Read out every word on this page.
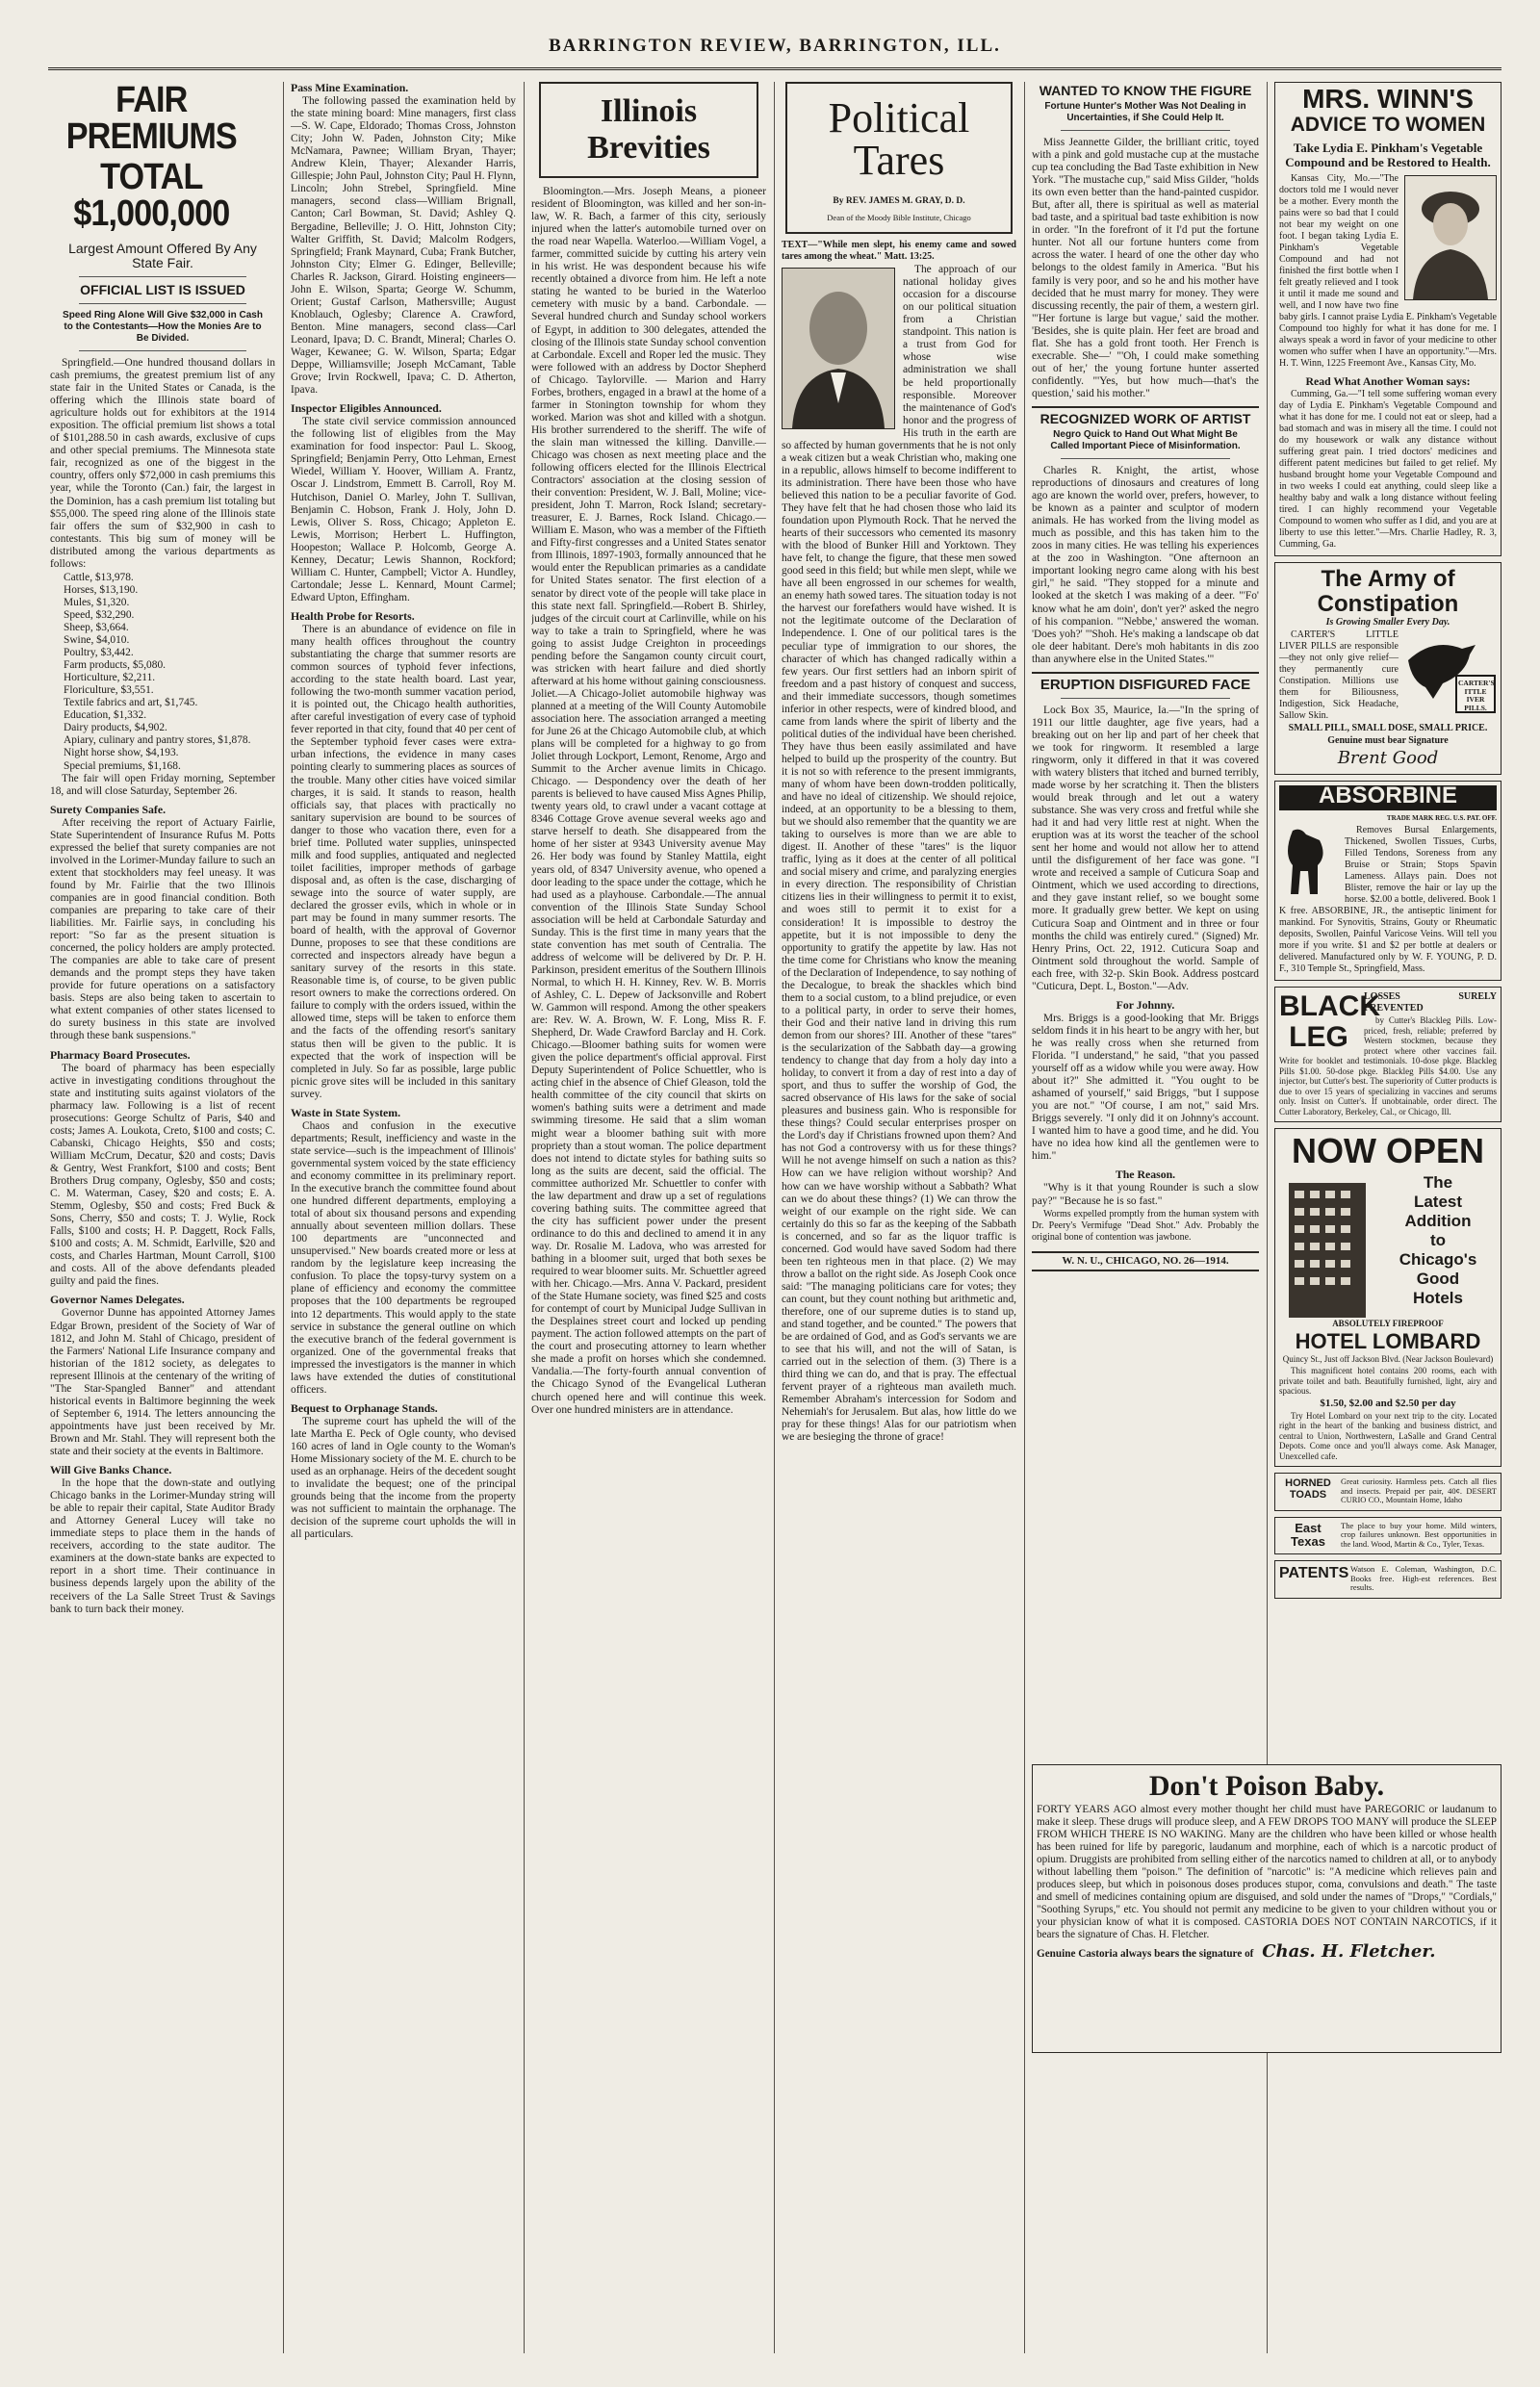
BARRINGTON REVIEW, BARRINGTON, ILL.
FAIR PREMIUMS
TOTAL $1,000,000
Largest Amount Offered By Any State Fair.
OFFICIAL LIST IS ISSUED
Speed Ring Alone Will Give $32,000 in Cash to the Contestants—How the Monies Are to Be Divided.

Springfield.—One hundred thousand dollars in cash premiums, the greatest premium list of any state fair in the United States or Canada, is the offering which the Illinois state board of agriculture holds out for exhibitors at the 1914 exposition. The official premium list shows a total of $101,288.50 in cash awards, exclusive of cups and other special premiums. The Minnesota state fair, recognized as one of the biggest in the country, offers only $72,000 in cash premiums this year, while the Toronto (Can.) fair, the largest in the Dominion, has a cash premium list totaling but $55,000. The speed ring alone of the Illinois state fair offers the sum of $32,900 in cash to contestants. This big sum of money will be distributed among the various departments as follows:

Cattle, $13,978.
Horses, $13,190.
Mules, $1,320.
Speed, $32,290.
Sheep, $3,664.
Swine, $4,010.
Poultry, $3,442.
Farm products, $5,080.
Horticulture, $2,211.
Floriculture, $3,551.
Textile fabrics and art, $1,745.
Education, $1,332.
Dairy products, $4,902.
Apiary, culinary and pantry stores, $1,878.
Night horse show, $4,193.
Special premiums, $1,168.

The fair will open Friday morning, September 18, and will close Saturday, September 26.

Surety Companies Safe.

After receiving the report of Actuary Fairlie, State Superintendent of Insurance Rufus M. Potts expressed the belief that surety companies are not involved in the Lorimer-Munday failure to such an extent that stockholders may feel uneasy. It was found by Mr. Fairlie that the two Illinois companies are in good financial condition. Both companies are preparing to take care of their liabilities. Mr. Fairlie says, in concluding his report: "So far as the present situation is concerned, the policy holders are amply protected. The companies are able to take care of present demands and the prompt steps they have taken provide for future operations on a satisfactory basis. Steps are also being taken to ascertain to what extent companies of other states licensed to do surety business in this state are involved through these bank suspensions."

Pharmacy Board Prosecutes.

The board of pharmacy has been especially active in investigating conditions throughout the state and instituting suits against violators of the pharmacy law. Following is a list of recent prosecutions: George Schultz of Paris, $40 and costs; James A. Loukota, Creto, $100 and costs; C. Cabanski, Chicago Heights, $50 and costs; William McCrum, Decatur, $20 and costs; Davis & Gentry, West Frankfort, $100 and costs; Bent Brothers Drug company, Oglesby, $50 and costs; C. M. Waterman, Casey, $20 and costs; E. A. Stemm, Oglesby, $50 and costs; Fred Buck & Sons, Cherry, $50 and costs; T. J. Wylie, Rock Falls, $100 and costs; H. P. Daggett, Rock Falls, $100 and costs; A. M. Schmidt, Earlville, $20 and costs, and Charles Hartman, Mount Carroll, $100 and costs. All of the above defendants pleaded guilty and paid the fines.

Governor Names Delegates.

Governor Dunne has appointed Attorney James Edgar Brown, president of the Society of War of 1812, and John M. Stahl of Chicago, president of the Farmers' National Life Insurance company and historian of the 1812 society, as delegates to represent Illinois at the centenary of the writing of "The Star-Spangled Banner" and attendant historical events in Baltimore beginning the week of September 6, 1914. The letters announcing the appointments have just been received by Mr. Brown and Mr. Stahl. They will represent both the state and their society at the events in Baltimore.

Will Give Banks Chance.

In the hope that the down-state and outlying Chicago banks in the Lorimer-Munday string will be able to repair their capital, State Auditor Brady and Attorney General Lucey will take no immediate steps to place them in the hands of receivers, according to the state auditor. The examiners at the down-state banks are expected to report in a short time. Their continuance in business depends largely upon the ability of the receivers of the La Salle Street Trust & Savings bank to turn back their money.

Pass Mine Examination.

The following passed the examination held by the state mining board: Mine managers, first class—S. W. Cape, Eldorado; Thomas Cross, Johnston City; John W. Paden, Johnston City; Mike McNamara, Pawnee; William Bryan, Thayer; Andrew Klein, Thayer; Alexander Harris, Gillespie; John Paul, Johnston City; Paul H. Flynn, Lincoln; John Strebel, Springfield. Mine managers, second class—William Brignall, Canton; Carl Bowman, St. David; Ashley Q. Bergadine, Belleville; J. O. Hitt, Johnston City; Walter Griffith, St. David; Malcolm Rodgers, Springfield; Frank Maynard, Cuba; Frank Butcher, Johnston City; Elmer G. Edinger, Belleville; Charles R. Jackson, Girard. Hoisting engineers—John E. Wilson, Sparta; George W. Schumm, Orient; Gustaf Carlson, Mathersville; August Knoblauch, Oglesby; Clarence A. Crawford, Benton. Mine managers, second class—Carl Leonard, Ipava; D. C. Brandt, Mineral; Charles O. Wager, Kewanee; G. W. Wilson, Sparta; Edgar Deppe, Williamsville; Joseph McCamant, Table Grove; Irvin Rockwell, Ipava; C. D. Atherton, Ipava.

Inspector Eligibles Announced.

The state civil service commission announced the following list of eligibles from the May examination for food inspector: Paul L. Skoog, Springfield; Benjamin Perry, Otto Lehman, Ernest Wiedel, William Y. Hoover, William A. Frantz, Oscar J. Lindstrom, Emmett B. Carroll, Roy M. Hutchison, Daniel O. Marley, John T. Sullivan, Benjamin C. Hobson, Frank J. Holy, John D. Lewis, Oliver S. Ross, Chicago; Appleton E. Lewis, Morrison; Herbert L. Huffington, Hoopeston; Wallace P. Holcomb, George A. Kenney, Decatur; Lewis Shannon, Rockford; William C. Hunter, Campbell; Victor A. Hundley, Cartondale; Jesse L. Kennard, Mount Carmel; Edward Upton, Effingham.

Health Probe for Resorts.

There is an abundance of evidence on file in many health offices throughout the country substantiating the charge that summer resorts are common sources of typhoid fever infections, according to the state health board. Last year, following the two-month summer vacation period, it is pointed out, the Chicago health authorities, after careful investigation of every case of typhoid fever reported in that city, found that 40 per cent of the September typhoid fever cases were extra-urban infections, the evidence in many cases pointing clearly to summering places as sources of the trouble. Many other cities have voiced similar charges, it is said. It stands to reason, health officials say, that places with practically no sanitary supervision are bound to be sources of danger to those who vacation there, even for a brief time. Polluted water supplies, uninspected milk and food supplies, antiquated and neglected toilet facilities, improper methods of garbage disposal and, as often is the case, discharging of sewage into the source of water supply, are declared the grosser evils, which in whole or in part may be found in many summer resorts. The board of health, with the approval of Governor Dunne, proposes to see that these conditions are corrected and inspectors already have begun a sanitary survey of the resorts in this state. Reasonable time is, of course, to be given public resort owners to make the corrections ordered. On failure to comply with the orders issued, within the allowed time, steps will be taken to enforce them and the facts of the offending resort's sanitary status then will be given to the public. It is expected that the work of inspection will be completed in July. So far as possible, large public picnic grove sites will be included in this sanitary survey.

Waste in State System.

Chaos and confusion in the executive departments; Result, inefficiency and waste in the state service—such is the impeachment of Illinois' governmental system voiced by the state efficiency and economy committee in its preliminary report. In the executive branch the committee found about one hundred different departments, employing a total of about six thousand persons and expending annually about seventeen million dollars. These 100 departments are "unconnected and unsupervised." New boards created more or less at random by the legislature keep increasing the confusion. To place the topsy-turvy system on a plane of efficiency and economy the committee proposes that the 100 departments be regrouped into 12 departments. This would apply to the state service in substance the general outline on which the executive branch of the federal government is organized. One of the governmental freaks that impressed the investigators is the manner in which laws have extended the duties of constitutional officers.

Bequest to Orphanage Stands.

The supreme court has upheld the will of the late Martha E. Peck of Ogle county, who devised 160 acres of land in Ogle county to the Woman's Home Missionary society of the M. E. church to be used as an orphanage. Heirs of the decedent sought to invalidate the bequest; one of the principal grounds being that the income from the property was not sufficient to maintain the orphanage. The decision of the supreme court upholds the will in all particulars.

Illinois
Brevities

Bloomington.—Mrs. Joseph Means, a pioneer resident of Bloomington, was killed and her son-in-law, W. R. Bach, a farmer of this city, seriously injured when the latter's automobile turned over on the road near Wapella. Waterloo.—William Vogel, a farmer, committed suicide by cutting his artery vein in his wrist. He was despondent because his wife recently obtained a divorce from him. He left a note stating he wanted to be buried in the Waterloo cemetery with music by a band. Carbondale. — Several hundred church and Sunday school workers of Egypt, in addition to 300 delegates, attended the closing of the Illinois state Sunday school convention at Carbondale. Excell and Roper led the music. They were followed with an address by Doctor Shepherd of Chicago. Taylorville. — Marion and Harry Forbes, brothers, engaged in a brawl at the home of a farmer in Stonington township for whom they worked. Marion was shot and killed with a shotgun. His brother surrendered to the sheriff. The wife of the slain man witnessed the killing. Danville.—Chicago was chosen as next meeting place and the following officers elected for the Illinois Electrical Contractors' association at the closing session of their convention: President, W. J. Ball, Moline; vice-president, John T. Marron, Rock Island; secretary-treasurer, E. J. Barnes, Rock Island. Chicago.—William E. Mason, who was a member of the Fiftieth and Fifty-first congresses and a United States senator from Illinois, 1897-1903, formally announced that he would enter the Republican primaries as a candidate for United States senator. The first election of a senator by direct vote of the people will take place in this state next fall. Springfield.—Robert B. Shirley, judges of the circuit court at Carlinville, while on his way to take a train to Springfield, where he was going to assist Judge Creighton in proceedings pending before the Sangamon county circuit court, was stricken with heart failure and died shortly afterward at his home without gaining consciousness. Joliet.—A Chicago-Joliet automobile highway was planned at a meeting of the Will County Automobile association here. The association arranged a meeting for June 26 at the Chicago Automobile club, at which plans will be completed for a highway to go from Joliet through Lockport, Lemont, Renome, Argo and Summit to the Archer avenue limits in Chicago. Chicago. — Despondency over the death of her parents is believed to have caused Miss Agnes Philip, twenty years old, to crawl under a vacant cottage at 8346 Cottage Grove avenue several weeks ago and starve herself to death. She disappeared from the home of her sister at 9343 University avenue May 26. Her body was found by Stanley Mattila, eight years old, of 8347 University avenue, who opened a door leading to the space under the cottage, which he had used as a playhouse. Carbondale.—The annual convention of the Illinois State Sunday School association will be held at Carbondale Saturday and Sunday. This is the first time in many years that the state convention has met south of Centralia. The address of welcome will be delivered by Dr. P. H. Parkinson, president emeritus of the Southern Illinois Normal, to which H. H. Kinney, Rev. W. B. Morris of Ashley, C. L. Depew of Jacksonville and Robert W. Gammon will respond. Among the other speakers are: Rev. W. A. Brown, W. F. Long, Miss R. F. Shepherd, Dr. Wade Crawford Barclay and H. Cork. Chicago.—Bloomer bathing suits for women were given the police department's official approval. First Deputy Superintendent of Police Schuettler, who is acting chief in the absence of Chief Gleason, told the health committee of the city council that skirts on women's bathing suits were a detriment and made swimming tiresome. He said that a slim woman might wear a bloomer bathing suit with more propriety than a stout woman. The police department does not intend to dictate styles for bathing suits so long as the suits are decent, said the official. The committee authorized Mr. Schuettler to confer with the law department and draw up a set of regulations covering bathing suits. The committee agreed that the city has sufficient power under the present ordinance to do this and declined to amend it in any way. Dr. Rosalie M. Ladova, who was arrested for bathing in a bloomer suit, urged that both sexes be required to wear bloomer suits. Mr. Schuettler agreed with her. Chicago.—Mrs. Anna V. Packard, president of the State Humane society, was fined $25 and costs for contempt of court by Municipal Judge Sullivan in the Desplaines street court and locked up pending payment. The action followed attempts on the part of the court and prosecuting attorney to learn whether she made a profit on horses which she condemned. Vandalia.—The forty-fourth annual convention of the Chicago Synod of the Evangelical Lutheran church opened here and will continue this week. Over one hundred ministers are in attendance.

Political
Tares
By REV. JAMES M. GRAY, D. D.
Dean of the Moody Bible Institute, Chicago

TEXT—"While men slept, his enemy came and sowed tares among the wheat." Matt. 13:25.

The approach of our national holiday gives occasion for a discourse on our political situation from a Christian standpoint. This nation is a trust from God for whose wise administration we shall be held proportionally responsible. Moreover the maintenance of God's honor and the progress of His truth in the earth are so affected by human governments that he is not only a weak citizen but a weak Christian who, making one in a republic, allows himself to become indifferent to its administration. There have been those who have believed this nation to be a peculiar favorite of God. They have felt that he had chosen those who laid its foundation upon Plymouth Rock. That he nerved the hearts of their successors who cemented its masonry with the blood of Bunker Hill and Yorktown. They have felt, to change the figure, that these men sowed good seed in this field; but while men slept, while we have all been engrossed in our schemes for wealth, an enemy hath sowed tares. The situation today is not the harvest our forefathers would have wished. It is not the legitimate outcome of the Declaration of Independence. I. One of our political tares is the peculiar type of immigration to our shores, the character of which has changed radically within a few years. Our first settlers had an inborn spirit of freedom and a past history of conquest and success, and their immediate successors, though sometimes inferior in other respects, were of kindred blood, and came from lands where the spirit of liberty and the political duties of the individual have been cherished. They have thus been easily assimilated and have helped to build up the prosperity of the country. But it is not so with reference to the present immigrants, many of whom have been down-trodden politically, and have no ideal of citizenship. We should rejoice, indeed, at an opportunity to be a blessing to them, but we should also remember that the quantity we are taking to ourselves is more than we are able to digest. II. Another of these "tares" is the liquor traffic, lying as it does at the center of all political and social misery and crime, and paralyzing energies in every direction. The responsibility of Christian citizens lies in their willingness to permit it to exist, and woes still to permit it to exist for a consideration! It is impossible to destroy the appetite, but it is not impossible to deny the opportunity to gratify the appetite by law. Has not the time come for Christians who know the meaning of the Declaration of Independence, to say nothing of the Decalogue, to break the shackles which bind them to a social custom, to a blind prejudice, or even to a political party, in order to serve their homes, their God and their native land in driving this rum demon from our shores? III. Another of these "tares" is the secularization of the Sabbath day—a growing tendency to change that day from a holy day into a holiday, to convert it from a day of rest into a day of sport, and thus to suffer the worship of God, the sacred observance of His laws for the sake of social pleasures and business gain. Who is responsible for these things? Could secular enterprises prosper on the Lord's day if Christians frowned upon them? And has not God a controversy with us for these things? Will he not avenge himself on such a nation as this? How can we have religion without worship? And how can we have worship without a Sabbath? What can we do about these things? (1) We can throw the weight of our example on the right side. We can certainly do this so far as the keeping of the Sabbath is concerned, and so far as the liquor traffic is concerned. God would have saved Sodom had there been ten righteous men in that place. (2) We may throw a ballot on the right side. As Joseph Cook once said: "The managing politicians care for votes; they can count, but they count nothing but arithmetic and, therefore, one of our supreme duties is to stand up, and stand together, and be counted." The powers that be are ordained of God, and as God's servants we are to see that his will, and not the will of Satan, is carried out in the selection of them. (3) There is a third thing we can do, and that is pray. The effectual fervent prayer of a righteous man availeth much. Remember Abraham's intercession for Sodom and Nehemiah's for Jerusalem. But alas, how little do we pray for these things! Alas for our patriotism when we are besieging the throne of grace!

WANTED TO KNOW THE FIGURE
Fortune Hunter's Mother Was Not Dealing in Uncertainties, if She Could Help It.

Miss Jeannette Gilder, the brilliant critic, toyed with a pink and gold mustache cup at the mustache cup tea concluding the Bad Taste exhibition in New York. "The mustache cup," said Miss Gilder, "holds its own even better than the hand-painted cuspidor. But, after all, there is spiritual as well as material bad taste, and a spiritual bad taste exhibition is now in order. "In the forefront of it I'd put the fortune hunter. Not all our fortune hunters come from across the water. I heard of one the other day who belongs to the oldest family in America. "But his family is very poor, and so he and his mother have decided that he must marry for money. They were discussing recently, the pair of them, a western girl. "'Her fortune is large but vague,' said the mother. 'Besides, she is quite plain. Her feet are broad and flat. She has a gold front tooth. Her French is execrable. She—' "'Oh, I could make something out of her,' the young fortune hunter asserted confidently. "'Yes, but how much—that's the question,' said his mother."

RECOGNIZED WORK OF ARTIST
Negro Quick to Hand Out What Might Be Called Important Piece of Misinformation.

Charles R. Knight, the artist, whose reproductions of dinosaurs and creatures of long ago are known the world over, prefers, however, to be known as a painter and sculptor of modern animals. He has worked from the living model as much as possible, and this has taken him to the zoos in many cities. He was telling his experiences at the zoo in Washington. "One afternoon an important looking negro came along with his best girl," he said. "They stopped for a minute and looked at the sketch I was making of a deer. "'Fo' know what he am doin', don't yer?' asked the negro of his companion. "'Nebbe,' answered the woman. 'Does yoh?' "'Shoh. He's making a landscape ob dat ole deer habitant. Dere's moh habitants in dis zoo than anywhere else in the United States.'"

ERUPTION DISFIGURED FACE

Lock Box 35, Maurice, Ia.—"In the spring of 1911 our little daughter, age five years, had a breaking out on her lip and part of her cheek that we took for ringworm. It resembled a large ringworm, only it differed in that it was covered with watery blisters that itched and burned terribly, made worse by her scratching it. Then the blisters would break through and let out a watery substance. She was very cross and fretful while she had it and had very little rest at night. When the eruption was at its worst the teacher of the school sent her home and would not allow her to attend until the disfigurement of her face was gone. "I wrote and received a sample of Cuticura Soap and Ointment, which we used according to directions, and they gave instant relief, so we bought some more. It gradually grew better. We kept on using Cuticura Soap and Ointment and in three or four months the child was entirely cured." (Signed) Mr. Henry Prins, Oct. 22, 1912. Cuticura Soap and Ointment sold throughout the world. Sample of each free, with 32-p. Skin Book. Address postcard "Cuticura, Dept. L, Boston."—Adv.

For Johnny.

Mrs. Briggs is a good-looking that Mr. Briggs seldom finds it in his heart to be angry with her, but he was really cross when she returned from Florida. "I understand," he said, "that you passed yourself off as a widow while you were away. How about it?" She admitted it. "You ought to be ashamed of yourself," said Briggs, "but I suppose you are not." "Of course, I am not," said Mrs. Briggs severely. "I only did it on Johnny's account. I wanted him to have a good time, and he did. You have no idea how kind all the gentlemen were to him."

The Reason.

"Why is it that young Rounder is such a slow pay?" "Because he is so fast."

Worms expelled promptly from the human system with Dr. Peery's Vermifuge "Dead Shot." Adv. Probably the original bone of contention was jawbone.

W. N. U., CHICAGO, NO. 26—1914.
MRS. WINN'S
ADVICE TO WOMEN
Take Lydia E. Pinkham's Vegetable Compound and be Restored to Health.

Kansas City, Mo.—"The doctors told me I would never be a mother. Every month the pains were so bad that I could not bear my weight on one foot. I began taking Lydia E. Pinkham's Vegetable Compound and had not finished the first bottle when I felt greatly relieved and I took it until it made me sound and well, and I now have two fine baby girls. I cannot praise Lydia E. Pinkham's Vegetable Compound too highly for what it has done for me. I always speak a word in favor of your medicine to other women who suffer when I have an opportunity."—Mrs. H. T. Winn, 1225 Freemont Ave., Kansas City, Mo.

Read What Another Woman says:

Cumming, Ga.—"I tell some suffering woman every day of Lydia E. Pinkham's Vegetable Compound and what it has done for me. I could not eat or sleep, had a bad stomach and was in misery all the time. I could not do my housework or walk any distance without suffering great pain. I tried doctors' medicines and different patent medicines but failed to get relief. My husband brought home your Vegetable Compound and in two weeks I could eat anything, could sleep like a healthy baby and walk a long distance without feeling tired. I can highly recommend your Vegetable Compound to women who suffer as I did, and you are at liberty to use this letter."—Mrs. Charlie Hadley, R. 3, Cumming, Ga.

The Army of
Constipation

Is Growing Smaller Every Day.

CARTER'S ITTLE IVER PILLS.

CARTER'S LITTLE LIVER PILLS are responsible—they not only give relief—they permanently cure Constipation. Millions use them for Biliousness, Indigestion, Sick Headache, Sallow Skin.

SMALL PILL, SMALL DOSE, SMALL PRICE.

Genuine must bear Signature

Brent Good

ABSORBINE
TRADE MARK REG. U.S. PAT. OFF.

Removes Bursal Enlargements, Thickened, Swollen Tissues, Curbs, Filled Tendons, Soreness from any Bruise or Strain; Stops Spavin Lameness. Allays pain. Does not Blister, remove the hair or lay up the horse. $2.00 a bottle, delivered. Book 1 K free. ABSORBINE, JR., the antiseptic liniment for mankind. For Synovitis, Strains, Gouty or Rheumatic deposits, Swollen, Painful Varicose Veins. Will tell you more if you write. $1 and $2 per bottle at dealers or delivered. Manufactured only by W. F. YOUNG, P. D. F., 310 Temple St., Springfield, Mass.

BLACK
LEG

LOSSES SURELY PREVENTED

by Cutter's Blackleg Pills. Low-priced, fresh, reliable; preferred by Western stockmen, because they protect where other vaccines fail. Write for booklet and testimonials. 10-dose pkge. Blackleg Pills $1.00. 50-dose pkge. Blackleg Pills $4.00. Use any injector, but Cutter's best. The superiority of Cutter products is due to over 15 years of specializing in vaccines and serums only. Insist on Cutter's. If unobtainable, order direct. The Cutter Laboratory, Berkeley, Cal., or Chicago, Ill.

NOW OPEN
The
Latest
Addition
to
Chicago's
Good
Hotels
ABSOLUTELY FIREPROOF
HOTEL LOMBARD

Quincy St., Just off Jackson Blvd. (Near Jackson Boulevard)

This magnificent hotel contains 200 rooms, each with private toilet and bath. Beautifully furnished, light, airy and spacious.

$1.50, $2.00 and $2.50 per day

Try Hotel Lombard on your next trip to the city. Located right in the heart of the banking and business district, and central to Union, Northwestern, LaSalle and Grand Central Depots. Come once and you'll always come. Ask Manager, Unexcelled cafe.

HORNED TOADS

Great curiosity. Harmless pets. Catch all flies and insects. Prepaid per pair, 40¢. DESERT CURIO CO., Mountain Home, Idaho

East Texas

The place to buy your home. Mild winters, crop failures unknown. Best opportunities in the land. Wood, Martin & Co., Tyler, Texas.

PATENTS Watson E. Coleman, Washington, D.C. Books free. High-est references. Best results.

Don't Poison Baby.

FORTY YEARS AGO almost every mother thought her child must have PAREGORIC or laudanum to make it sleep. These drugs will produce sleep, and A FEW DROPS TOO MANY will produce the SLEEP FROM WHICH THERE IS NO WAKING. Many are the children who have been killed or whose health has been ruined for life by paregoric, laudanum and morphine, each of which is a narcotic product of opium. Druggists are prohibited from selling either of the narcotics named to children at all, or to anybody without labelling them "poison." The definition of "narcotic" is: "A medicine which relieves pain and produces sleep, but which in poisonous doses produces stupor, coma, convulsions and death." The taste and smell of medicines containing opium are disguised, and sold under the names of "Drops," "Cordials," "Soothing Syrups," etc. You should not permit any medicine to be given to your children without you or your physician know of what it is composed. CASTORIA DOES NOT CONTAIN NARCOTICS, if it bears the signature of Chas. H. Fletcher.

Genuine Castoria always bears the signature of Chas. H. Fletcher.
